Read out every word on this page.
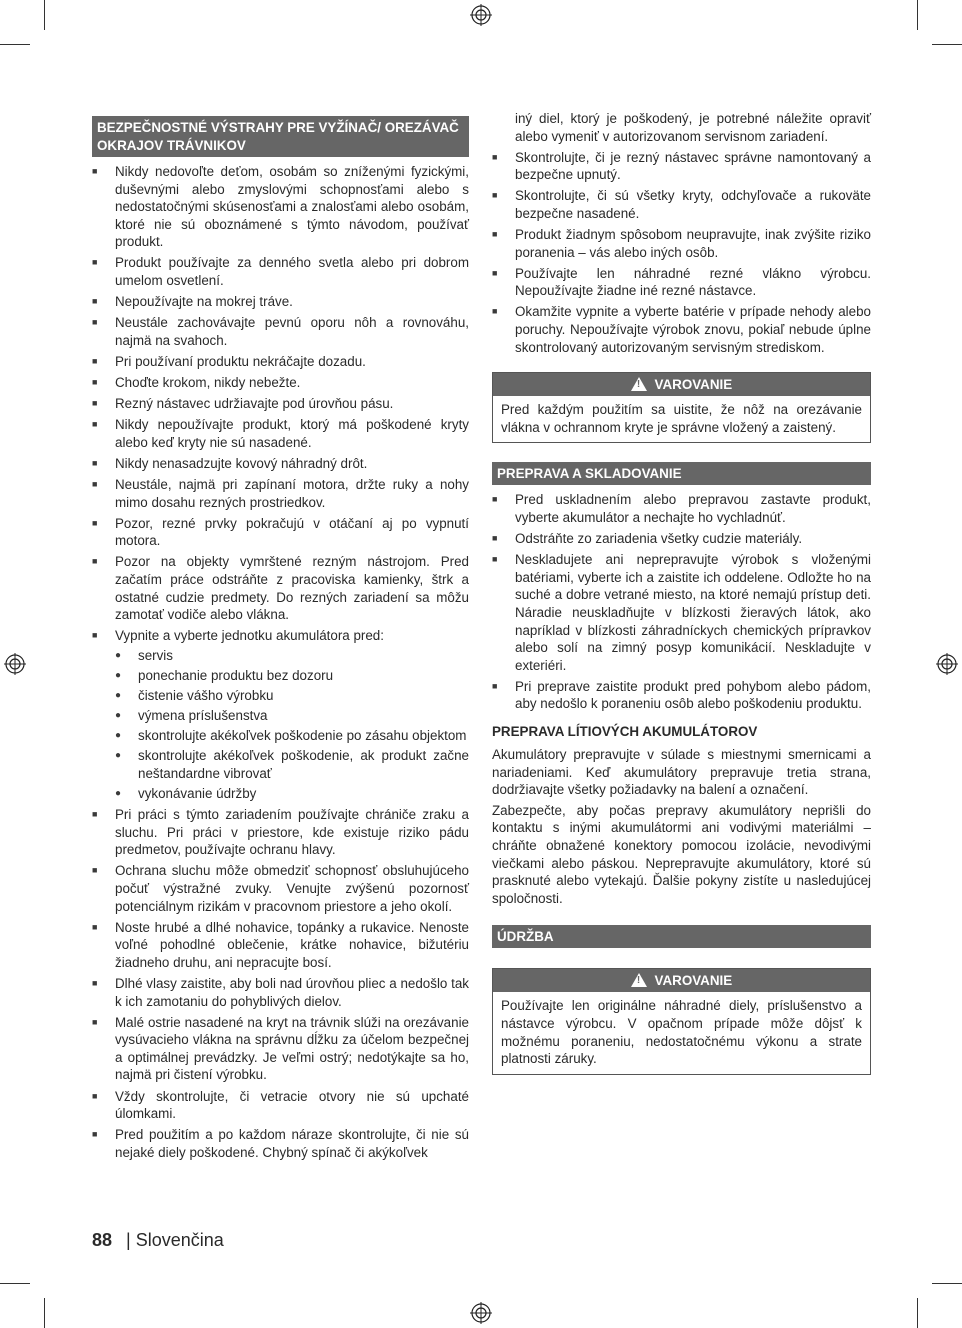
BEZPEČNOSTNÉ VÝSTRAHY PRE VYŽÍNAČ/ OREZÁVAČ OKRAJOV TRÁVNIKOV
■ Nikdy nedovoľte deťom, osobám so zníženými fyzickými, duševnými alebo zmyslovými schopnosťami alebo s nedostatočnými skúsenosťami a znalosťami alebo osobám, ktoré nie sú oboznámené s týmto návodom, používať produkt.
■ Produkt používajte za denného svetla alebo pri dobrom umelom osvetlení.
■ Nepoužívajte na mokrej tráve.
■ Neustále zachovávajte pevnú oporu nôh a rovnováhu, najmä na svahoch.
■ Pri používaní produktu nekráčajte dozadu.
■ Choďte krokom, nikdy nebežte.
■ Rezný nástavec udržiavajte pod úrovňou pásu.
■ Nikdy nepoužívajte produkt, ktorý má poškodené kryty alebo keď kryty nie sú nasadené.
■ Nikdy nenasadzujte kovový náhradný drôt.
■ Neustále, najmä pri zapínaní motora, držte ruky a nohy mimo dosahu rezných prostriedkov.
■ Pozor, rezné prvky pokračujú v otáčaní aj po vypnutí motora.
■ Pozor na objekty vymrštené rezným nástrojom. Pred začatím práce odstráňte z pracoviska kamienky, štrk a ostatné cudzie predmety. Do rezných zariadení sa môžu zamotať vodiče alebo vlákna.
■ Vypnite a vyberte jednotku akumulátora pred:
● servis
● ponechanie produktu bez dozoru
● čistenie vášho výrobku
● výmena príslušenstva
● skontrolujte akékoľvek poškodenie po zásahu objektom
● skontrolujte akékoľvek poškodenie, ak produkt začne neštandardne vibrovať
● vykonávanie údržby
■ Pri práci s týmto zariadením používajte chrániče zraku a sluchu. Pri práci v priestore, kde existuje riziko pádu predmetov, používajte ochranu hlavy.
■ Ochrana sluchu môže obmedziť schopnosť obsluhujúceho počuť výstražné zvuky. Venujte zvýšenú pozornosť potenciálnym rizikám v pracovnom priestore a jeho okolí.
■ Noste hrubé a dlhé nohavice, topánky a rukavice. Nenoste voľné pohodlné oblečenie, krátke nohavice, bižutériu žiadneho druhu, ani nepracujte bosí.
■ Dlhé vlasy zaistite, aby boli nad úrovňou pliec a nedošlo tak k ich zamotaniu do pohyblivých dielov.
■ Malé ostrie nasadené na kryt na trávnik slúži na orezávanie vysúvacieho vlákna na správnu dĺžku za účelom bezpečnej a optimálnej prevádzky. Je veľmi ostrý; nedotýkajte sa ho, najmä pri čistení výrobku.
■ Vždy skontrolujte, či vetracie otvory nie sú upchaté úlomkami.
■ Pred použitím a po každom náraze skontrolujte, či nie sú nejaké diely poškodené. Chybný spínač či akýkoľvek

iný diel, ktorý je poškodený, je potrebné náležite opraviť alebo vymeniť v autorizovanom servisnom zariadení.

■ Skontrolujte, či je rezný nástavec správne namontovaný a bezpečne upnutý.
■ Skontrolujte, či sú všetky kryty, odchyľovače a rukoväte bezpečne nasadené.
■ Produkt žiadnym spôsobom neupravujte, inak zvýšite riziko poranenia – vás alebo iných osôb.
■ Používajte len náhradné rezné vlákno výrobcu. Nepoužívajte žiadne iné rezné nástavce.
■ Okamžite vypnite a vyberte batérie v prípade nehody alebo poruchy. Nepoužívajte výrobok znovu, pokiaľ nebude úplne skontrolovaný autorizovaným servisným strediskom.
! VAROVANIE
Pred každým použitím sa uistite, že nôž na orezávanie vlákna v ochrannom kryte je správne vložený a zaistený.
PREPRAVA A SKLADOVANIE
■ Pred uskladnením alebo prepravou zastavte produkt, vyberte akumulátor a nechajte ho vychladnúť.
■ Odstráňte zo zariadenia všetky cudzie materiály.
■ Neskladujete ani neprepravujte výrobok s vloženými batériami, vyberte ich a zaistite ich oddelene. Odložte ho na suché a dobre vetrané miesto, na ktoré nemajú prístup deti. Náradie neuskladňujte v blízkosti žieravých látok, ako napríklad v blízkosti záhradníckych chemických prípravkov alebo solí na zimný posyp komunikácií. Neskladujte v exteriéri.
■ Pri preprave zaistite produkt pred pohybom alebo pádom, aby nedošlo k poraneniu osôb alebo poškodeniu produktu.
PREPRAVA LÍTIOVÝCH AKUMULÁTOROV

Akumulátory prepravujte v súlade s miestnymi smernicami a nariadeniami. Keď akumulátory prepravuje tretia strana, dodržiavajte všetky požiadavky na balení a označení.

Zabezpečte, aby počas prepravy akumulátory neprišli do kontaktu s inými akumulátormi ani vodivými materiálmi – chráňte obnažené konektory pomocou izolácie, nevodivými viečkami alebo páskou. Neprepravujte akumulátory, ktoré sú prasknuté alebo vytekajú. Ďalšie pokyny zistíte u nasledujúcej spoločnosti.

ÚDRŽBA
! VAROVANIE
Používajte len originálne náhradné diely, príslušenstvo a nástavce výrobcu. V opačnom prípade môže dôjsť k možnému poraneniu, nedostatočnému výkonu a strate platnosti záruky.
88 | Slovenčina
